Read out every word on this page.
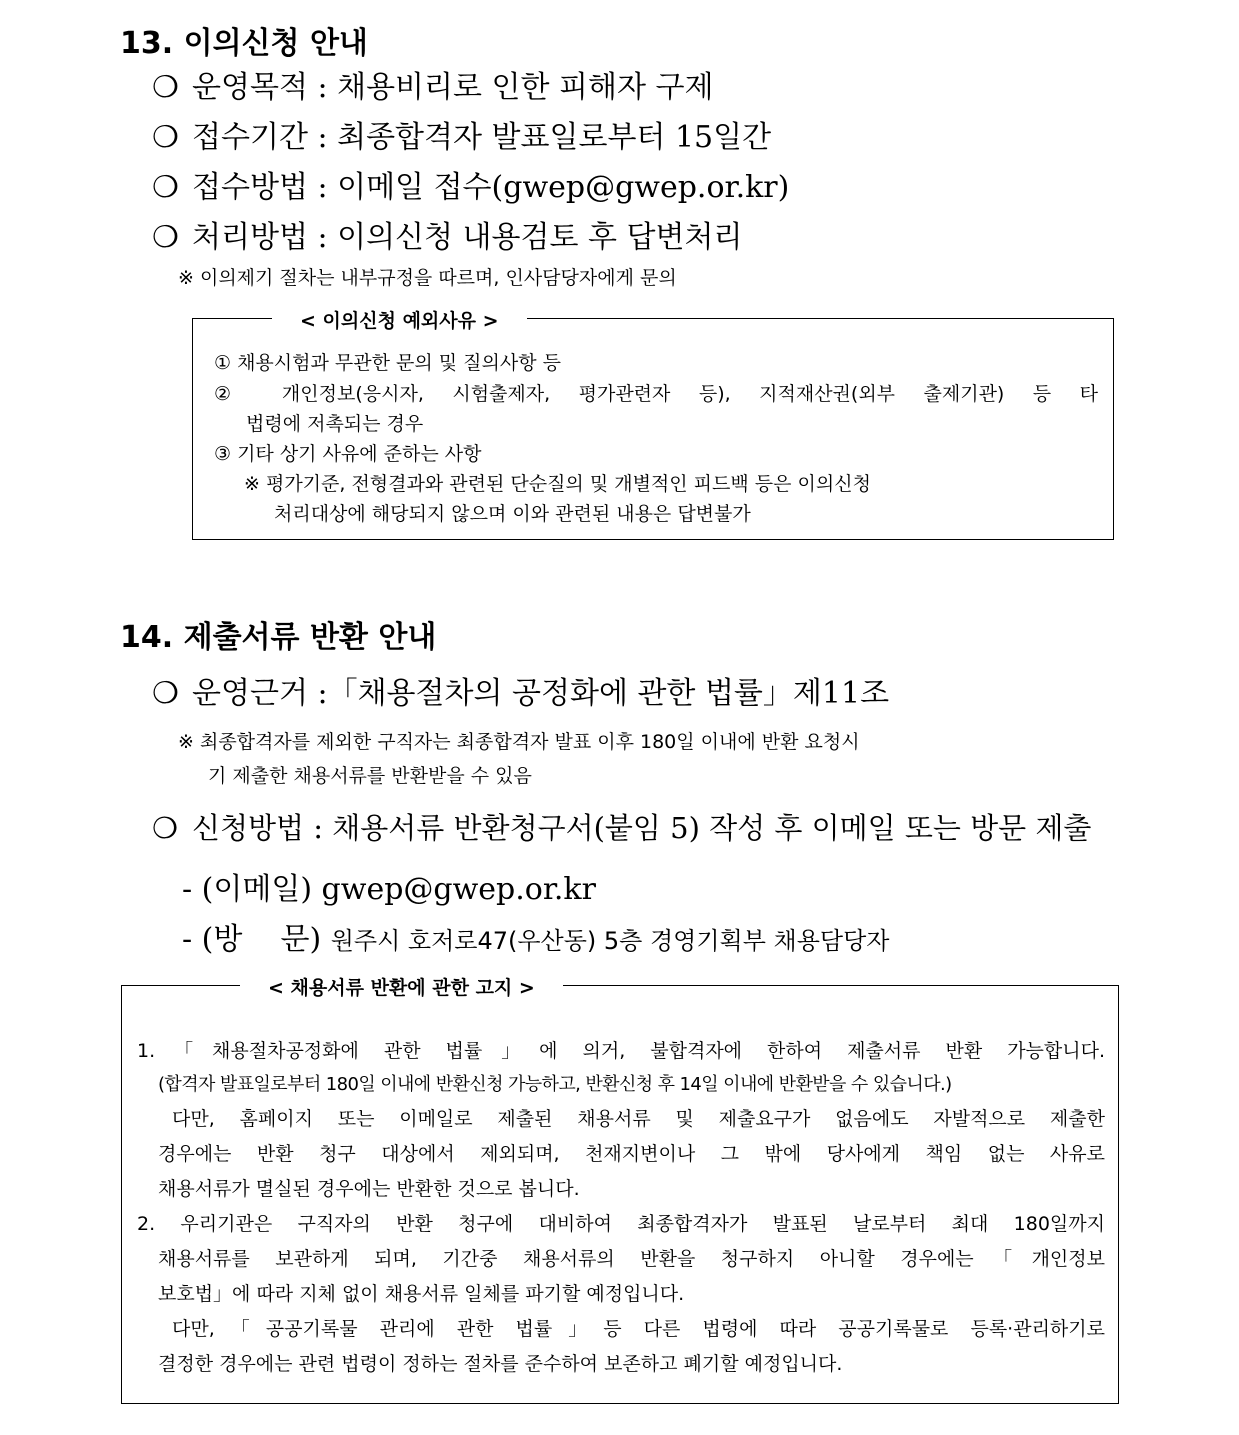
13. 이의신청 안내
❍ 운영목적 : 채용비리로 인한 피해자 구제
❍ 접수기간 : 최종합격자 발표일로부터 15일간
❍ 접수방법 : 이메일 접수(gwep@gwep.or.kr)
❍ 처리방법 : 이의신청 내용검토 후 답변처리
※ 이의제기 절차는 내부규정을 따르며, 인사담당자에게 문의
< 이의신청 예외사유 >
① 채용시험과 무관한 문의 및 질의사항 등
② 개인정보(응시자, 시험출제자, 평가관련자 등), 지적재산권(외부 출제기관) 등 타
법령에 저촉되는 경우
③ 기타 상기 사유에 준하는 사항
※ 평가기준, 전형결과와 관련된 단순질의 및 개별적인 피드백 등은 이의신청
처리대상에 해당되지 않으며 이와 관련된 내용은 답변불가
14. 제출서류 반환 안내
❍ 운영근거 :「채용절차의 공정화에 관한 법률」제11조
※ 최종합격자를 제외한 구직자는 최종합격자 발표 이후 180일 이내에 반환 요청시
기 제출한 채용서류를 반환받을 수 있음
❍ 신청방법 : 채용서류 반환청구서(붙임 5) 작성 후 이메일 또는 방문 제출
- (이메일) gwep@gwep.or.kr
- (방    문) 원주시 호저로47(우산동) 5층 경영기획부 채용담당자
< 채용서류 반환에 관한 고지 >
1.「채용절차공정화에 관한 법률」에 의거, 불합격자에 한하여 제출서류 반환 가능합니다.
(합격자 발표일로부터 180일 이내에 반환신청 가능하고, 반환신청 후 14일 이내에 반환받을 수 있습니다.)
다만, 홈페이지 또는 이메일로 제출된 채용서류 및 제출요구가 없음에도 자발적으로 제출한
경우에는 반환 청구 대상에서 제외되며, 천재지변이나 그 밖에 당사에게 책임 없는 사유로
채용서류가 멸실된 경우에는 반환한 것으로 봅니다.
2. 우리기관은 구직자의 반환 청구에 대비하여 최종합격자가 발표된 날로부터 최대 180일까지
채용서류를 보관하게 되며, 기간중 채용서류의 반환을 청구하지 아니할 경우에는「개인정보
보호법」에 따라 지체 없이 채용서류 일체를 파기할 예정입니다.
다만,「공공기록물 관리에 관한 법률」등 다른 법령에 따라 공공기록물로 등록·관리하기로
결정한 경우에는 관련 법령이 정하는 절차를 준수하여 보존하고 폐기할 예정입니다.
